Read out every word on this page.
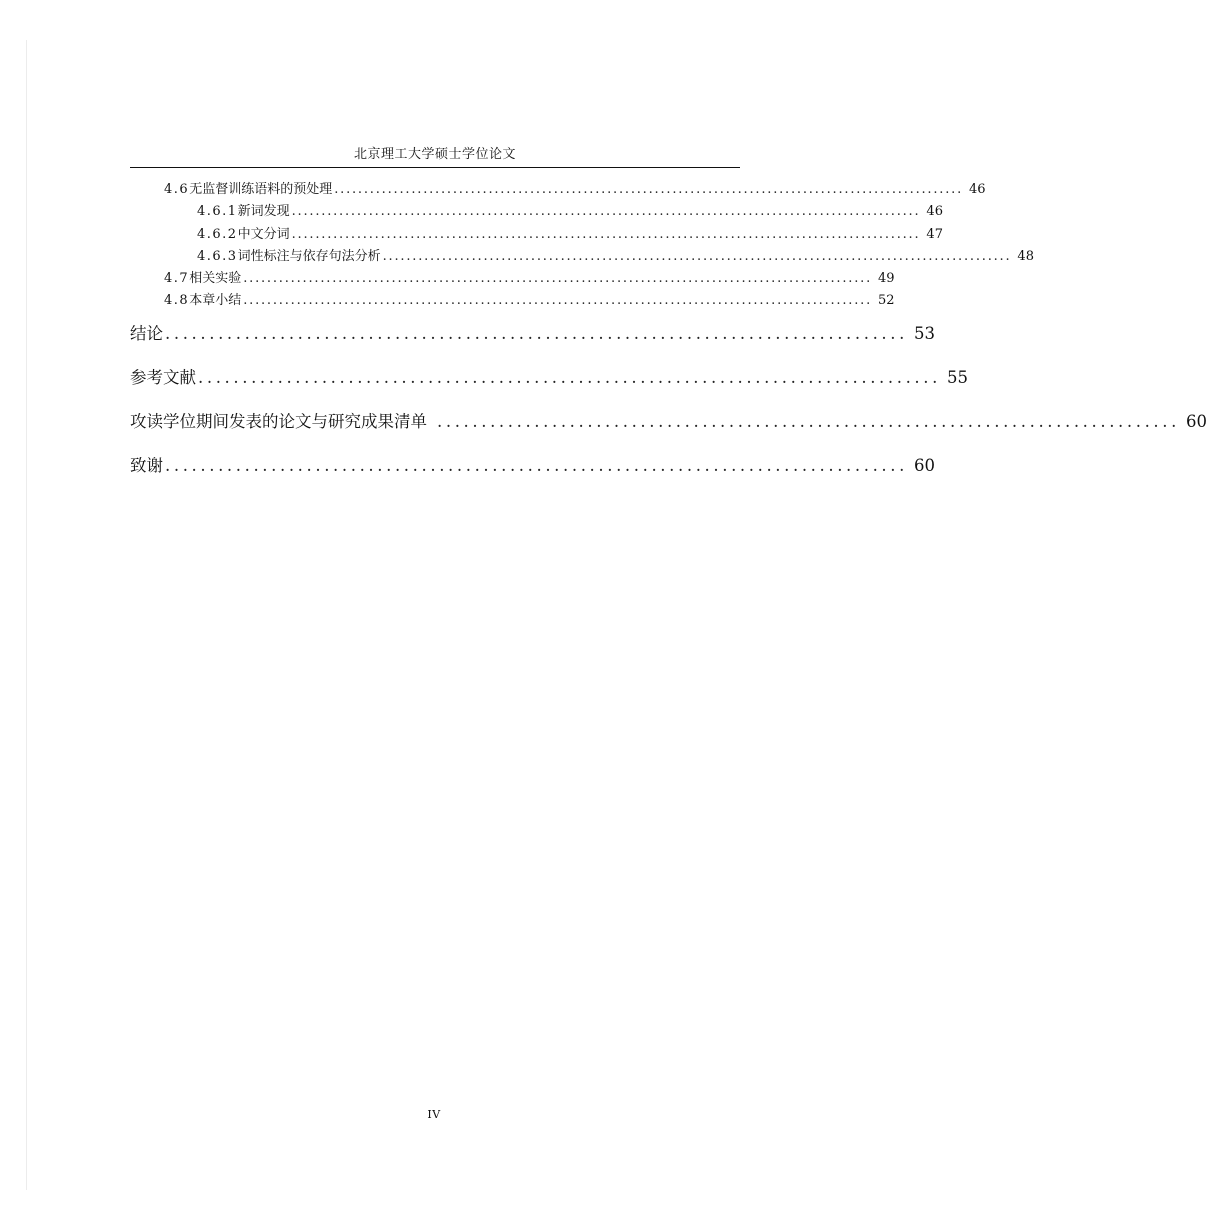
北京理工大学硕士学位论文
4.6 无监督训练语料的预处理 .......................................................................................................... 46
4.6.1 新词发现 .......................................................................................................... 46
4.6.2 中文分词 .......................................................................................................... 47
4.6.3 词性标注与依存句法分析 .......................................................................................................... 48
4.7 相关实验 .......................................................................................................... 49
4.8 本章小结 .......................................................................................................... 52
结论 .................................................................................... 53
参考文献 .................................................................................... 55
攻读学位期间发表的论文与研究成果清单 .................................................................................... 60
致谢 .................................................................................... 60
IV
